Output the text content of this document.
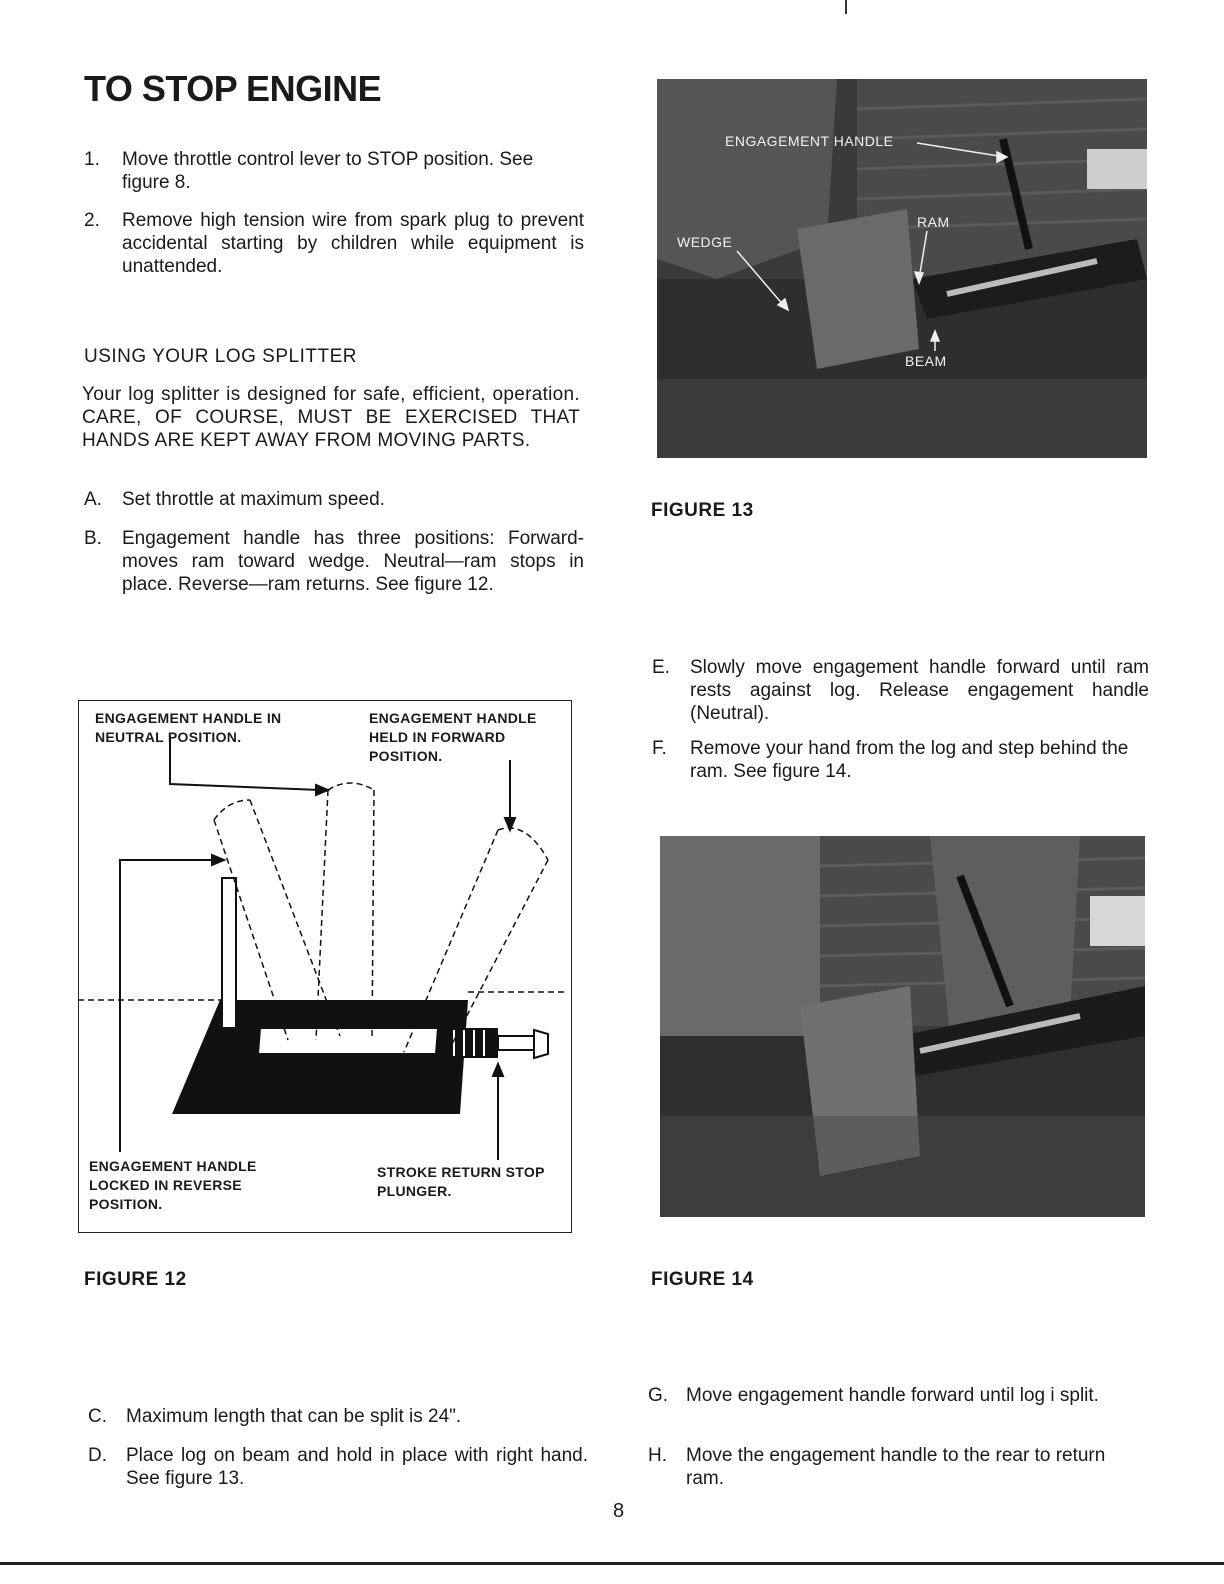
TO STOP ENGINE
1.	Move throttle control lever to STOP position. See figure 8.
2.	Remove high tension wire from spark plug to prevent accidental starting by children while equipment is unattended.
USING YOUR LOG SPLITTER
Your log splitter is designed for safe, efficient, operation. CARE, OF COURSE, MUST BE EXERCISED THAT HANDS ARE KEPT AWAY FROM MOVING PARTS.
A.	Set throttle at maximum speed.
B.	Engagement handle has three positions: Forward-moves ram toward wedge. Neutral—ram stops in place. Reverse—ram returns. See figure 12.
ENGAGEMENT HANDLE IN NEUTRAL POSITION.
ENGAGEMENT HANDLE HELD IN FORWARD POSITION.
ENGAGEMENT HANDLE LOCKED IN REVERSE POSITION.
STROKE RETURN STOP PLUNGER.
FIGURE 12
C.	Maximum length that can be split is 24".
D.	Place log on beam and hold in place with right hand. See figure 13.
ENGAGEMENT HANDLE
RAM
WEDGE
BEAM
FIGURE 13
E.	Slowly move engagement handle forward until ram rests against log. Release engagement handle (Neutral).
F.	Remove your hand from the log and step behind the ram. See figure 14.
FIGURE 14
G. Move engagement handle forward until log i split.
H.	Move the engagement handle to the rear to return ram.
8
